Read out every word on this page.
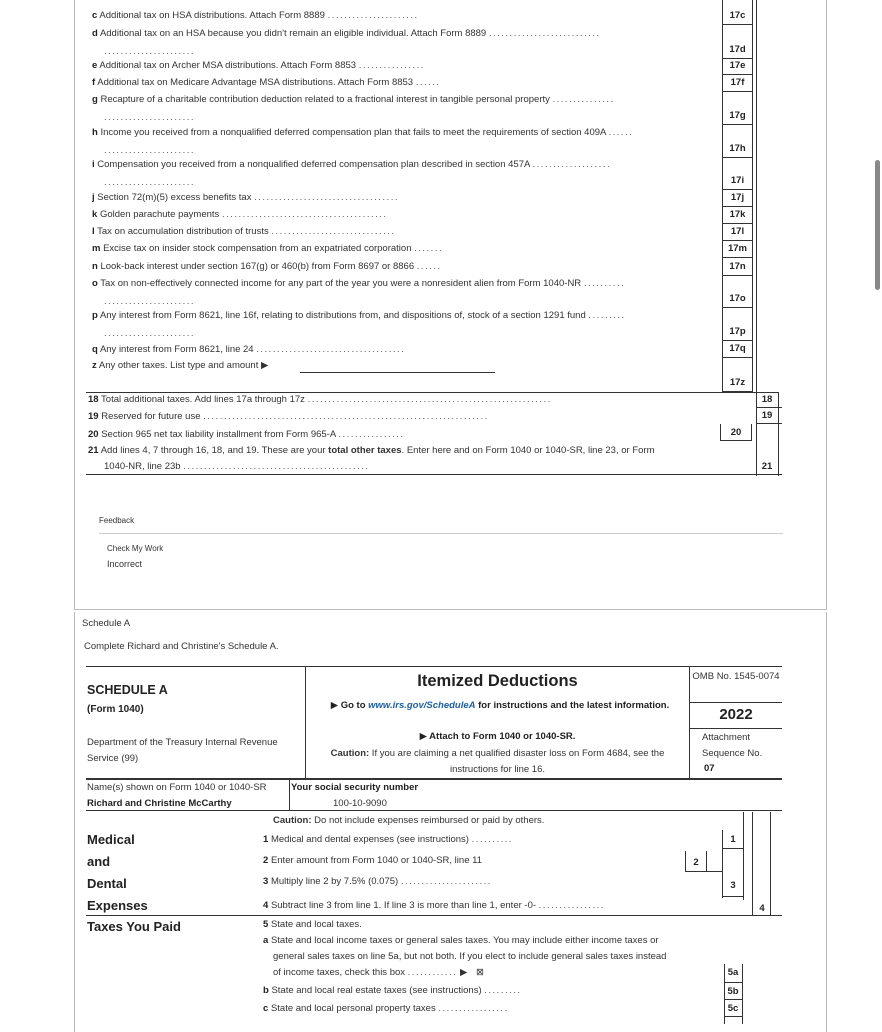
c Additional tax on HSA distributions. Attach Form 8889 ......................	17c
d Additional tax on an HSA because you didn't remain an eligible individual. Attach Form 8889 ...........................
......................	17d
e Additional tax on Archer MSA distributions. Attach Form 8853 ................	17e
f Additional tax on Medicare Advantage MSA distributions. Attach Form 8853 ......	17f
g Recapture of a charitable contribution deduction related to a fractional interest in tangible personal property ...............
......................	17g
h Income you received from a nonqualified deferred compensation plan that fails to meet the requirements of section 409A ......
......................	17h
i Compensation you received from a nonqualified deferred compensation plan described in section 457A ...................
......................	17i
j Section 72(m)(5) excess benefits tax ...................................	17j
k Golden parachute payments ........................................	17k
l Tax on accumulation distribution of trusts ..............................	17l
m Excise tax on insider stock compensation from an expatriated corporation .......	17m
n Look-back interest under section 167(g) or 460(b) from Form 8697 or 8866 ......	17n
o Tax on non-effectively connected income for any part of the year you were a nonresident alien from Form 1040-NR ..........
......................	17o
p Any interest from Form 8621, line 16f, relating to distributions from, and dispositions of, stock of a section 1291 fund .........
......................	17p
q Any interest from Form 8621, line 24 ....................................	17q
z Any other taxes. List type and amount ▶
17z
18 Total additional taxes. Add lines 17a through 17z ...........................................................	18
19 Reserved for future use .....................................................................	19
20 Section 965 net tax liability installment from Form 965-A ................	20
21 Add lines 4, 7 through 16, 18, and 19. These are your total other taxes. Enter here and on Form 1040 or 1040-SR, line 23, or Form
1040-NR, line 23b .............................................	21
Feedback
Check My Work
Incorrect
Schedule A
Complete Richard and Christine's Schedule A.
SCHEDULE A
(Form 1040)
Department of the Treasury Internal Revenue Service (99)
Itemized Deductions
▶ Go to www.irs.gov/ScheduleA for instructions and the latest information.
▶ Attach to Form 1040 or 1040-SR.
Caution: If you are claiming a net qualified disaster loss on Form 4684, see the instructions for line 16.
OMB No. 1545-0074
2022
Attachment Sequence No.
07
Name(s) shown on Form 1040 or 1040-SR
Richard and Christine McCarthy
Your social security number
100-10-9090
Caution: Do not include expenses reimbursed or paid by others.
Medical
and
Dental
Expenses
1 Medical and dental expenses (see instructions) ..........	1
2 Enter amount from Form 1040 or 1040-SR, line 11	2
3 Multiply line 2 by 7.5% (0.075) ......................	3
4 Subtract line 3 from line 1. If line 3 is more than line 1, enter -0- ................	4
Taxes You Paid	5 State and local taxes.
a State and local income taxes or general sales taxes. You may include either income taxes or
general sales taxes on line 5a, but not both. If you elect to include general sales taxes instead
of income taxes, check this box ............ ▶ ⊠	5a
b State and local real estate taxes (see instructions) .........	5b
c State and local personal property taxes .................	5c
